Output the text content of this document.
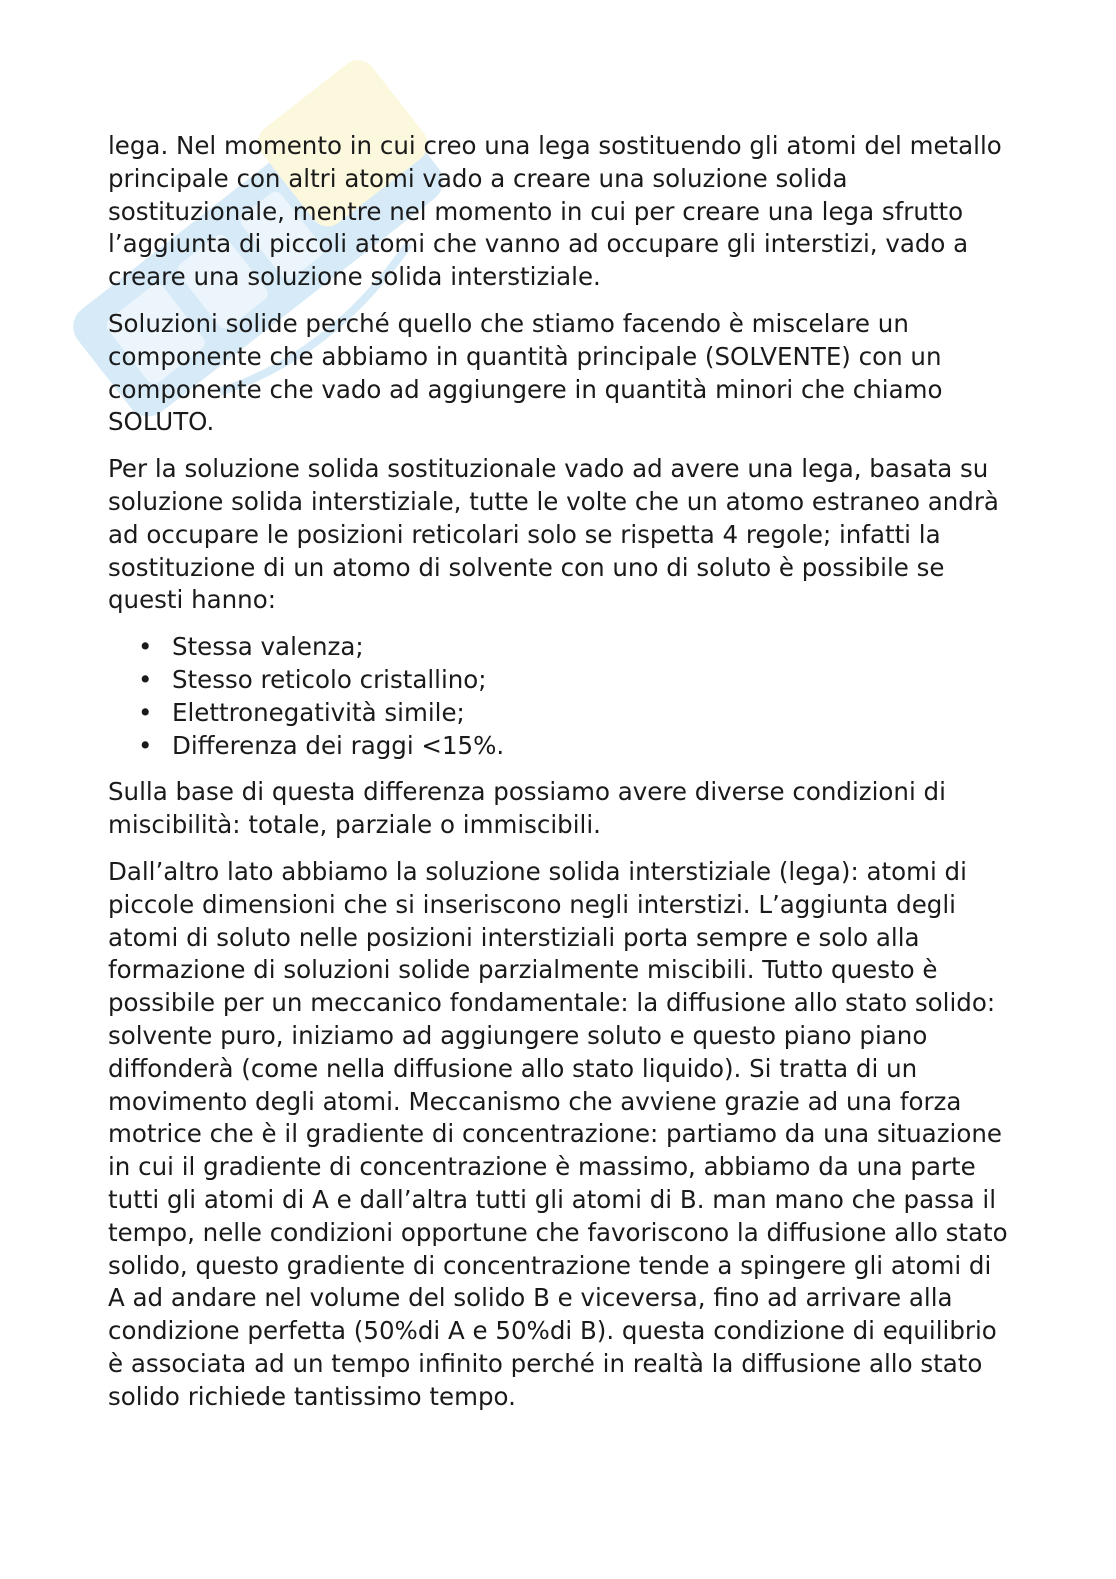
lega. Nel momento in cui creo una lega sostituendo gli atomi del metallo principale con altri atomi vado a creare una soluzione solida sostituzionale, mentre nel momento in cui per creare una lega sfrutto l’aggiunta di piccoli atomi che vanno ad occupare gli interstizi, vado a creare una soluzione solida interstiziale.

Soluzioni solide perché quello che stiamo facendo è miscelare un componente che abbiamo in quantità principale (SOLVENTE) con un componente che vado ad aggiungere in quantità minori che chiamo SOLUTO.

Per la soluzione solida sostituzionale vado ad avere una lega, basata su soluzione solida interstiziale, tutte le volte che un atomo estraneo andrà ad occupare le posizioni reticolari solo se rispetta 4 regole; infatti la sostituzione di un atomo di solvente con uno di soluto è possibile se questi hanno:

• Stessa valenza;
• Stesso reticolo cristallino;
• Elettronegatività simile;
• Differenza dei raggi <15%.

Sulla base di questa differenza possiamo avere diverse condizioni di miscibilità: totale, parziale o immiscibili.

Dall’altro lato abbiamo la soluzione solida interstiziale (lega): atomi di piccole dimensioni che si inseriscono negli interstizi. L’aggiunta degli atomi di soluto nelle posizioni interstiziali porta sempre e solo alla formazione di soluzioni solide parzialmente miscibili. Tutto questo è possibile per un meccanico fondamentale: la diffusione allo stato solido: solvente puro, iniziamo ad aggiungere soluto e questo piano piano diffonderà (come nella diffusione allo stato liquido). Si tratta di un movimento degli atomi. Meccanismo che avviene grazie ad una forza motrice che è il gradiente di concentrazione: partiamo da una situazione in cui il gradiente di concentrazione è massimo, abbiamo da una parte tutti gli atomi di A e dall’altra tutti gli atomi di B. man mano che passa il tempo, nelle condizioni opportune che favoriscono la diffusione allo stato solido, questo gradiente di concentrazione tende a spingere gli atomi di A ad andare nel volume del solido B e viceversa, fino ad arrivare alla condizione perfetta (50%di A e 50%di B). questa condizione di equilibrio è associata ad un tempo infinito perché in realtà la diffusione allo stato solido richiede tantissimo tempo.
